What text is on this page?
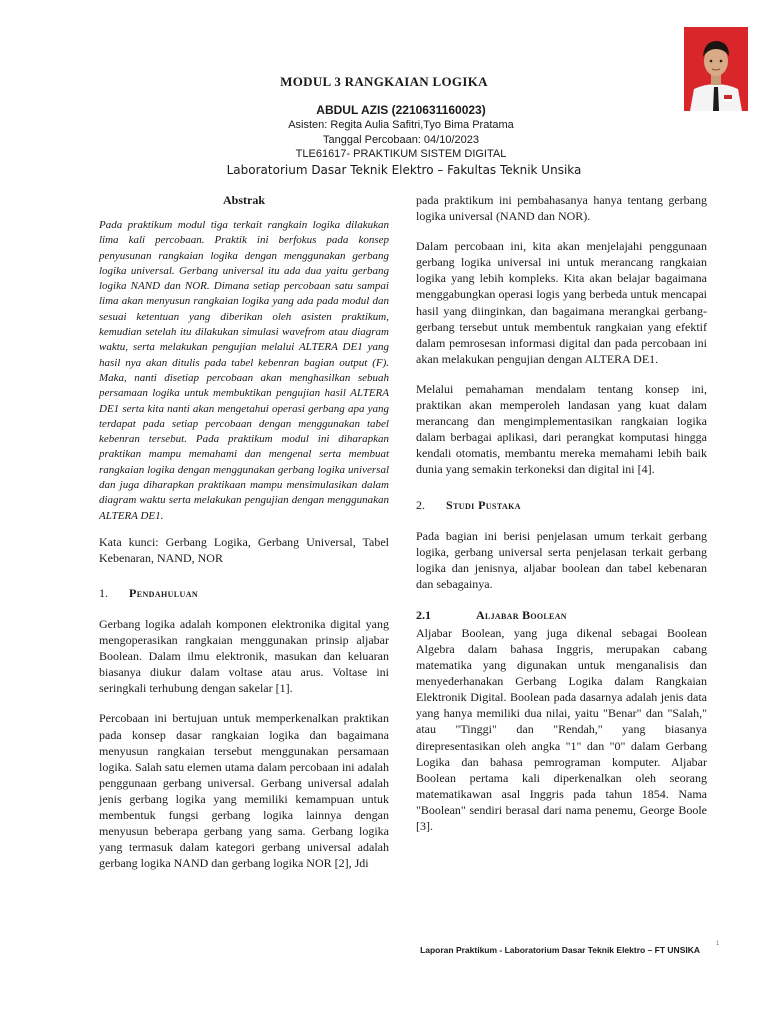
MODUL 3 RANGKAIAN LOGIKA
ABDUL AZIS (2210631160023)
Asisten: Regita Aulia Safitri,Tyo Bima Pratama
Tanggal Percobaan: 04/10/2023
TLE61617- PRAKTIKUM SISTEM DIGITAL
Laboratorium Dasar Teknik Elektro – Fakultas Teknik Unsika
Abstrak

Pada praktikum modul tiga terkait rangkain logika dilakukan lima kali percobaan. Praktik ini berfokus pada konsep penyusunan rangkaian logika dengan menggunakan gerbang logika universal. Gerbang universal itu ada dua yaitu gerbang logika NAND dan NOR. Dimana setiap percobaan satu sampai lima akan menyusun rangkaian logika yang ada pada modul dan sesuai ketentuan yang diberikan oleh asisten praktikum, kemudian setelah itu dilakukan simulasi wavefrom atau diagram waktu, serta melakukan pengujian melalui ALTERA DE1 yang hasil nya akan ditulis pada tabel kebenran bagian output (F). Maka, nanti disetiap percobaan akan menghasilkan sebuah persamaan logika untuk membuktikan pengujian hasil ALTERA DE1 serta kita nanti akan mengetahui operasi gerbang apa yang terdapat pada setiap percobaan dengan menggunakan tabel kebenran tersebut. Pada praktikum modul ini diharapkan praktikan mampu memahami dan mengenal serta membuat rangkaian logika dengan menggunakan gerbang logika universal dan juga diharapkan praktikaan mampu mensimulasikan dalam diagram waktu serta melakukan pengujian dengan menggunakan ALTERA DE1.

Kata kunci: Gerbang Logika, Gerbang Universal, Tabel Kebenaran, NAND, NOR

1.	Pendahuluan

Gerbang logika adalah komponen elektronika digital yang mengoperasikan rangkaian menggunakan prinsip aljabar Boolean. Dalam ilmu elektronik, masukan dan keluaran biasanya diukur dalam voltase atau arus. Voltase ini seringkali terhubung dengan sakelar [1].

Percobaan ini bertujuan untuk memperkenalkan praktikan pada konsep dasar rangkaian logika dan bagaimana menyusun rangkaian tersebut menggunakan persamaan logika. Salah satu elemen utama dalam percobaan ini adalah penggunaan gerbang universal. Gerbang universal adalah jenis gerbang logika yang memiliki kemampuan untuk membentuk fungsi gerbang logika lainnya dengan menyusun beberapa gerbang yang sama. Gerbang logika yang termasuk dalam kategori gerbang universal adalah gerbang logika NAND dan gerbang logika NOR [2], Jdi

pada praktikum ini pembahasanya hanya tentang gerbang logika universal (NAND dan NOR).

Dalam percobaan ini, kita akan menjelajahi penggunaan gerbang logika universal ini untuk merancang rangkaian logika yang lebih kompleks. Kita akan belajar bagaimana menggabungkan operasi logis yang berbeda untuk mencapai hasil yang diinginkan, dan bagaimana merangkai gerbang-gerbang tersebut untuk membentuk rangkaian yang efektif dalam pemrosesan informasi digital dan pada percobaan ini akan melakukan pengujian dengan ALTERA DE1.

Melalui pemahaman mendalam tentang konsep ini, praktikan akan memperoleh landasan yang kuat dalam merancang dan mengimplementasikan rangkaian logika dalam berbagai aplikasi, dari perangkat komputasi hingga kendali otomatis, membantu mereka memahami lebih baik dunia yang semakin terkoneksi dan digital ini [4].

2.	Studi Pustaka

Pada bagian ini berisi penjelasan umum terkait gerbang logika, gerbang universal serta penjelasan terkait gerbang logika dan jenisnya, aljabar boolean dan tabel kebenaran dan sebagainya.

2.1	Aljabar Boolean

Aljabar Boolean, yang juga dikenal sebagai Boolean Algebra dalam bahasa Inggris, merupakan cabang matematika yang digunakan untuk menganalisis dan menyederhanakan Gerbang Logika dalam Rangkaian Elektronik Digital. Boolean pada dasarnya adalah jenis data yang hanya memiliki dua nilai, yaitu "Benar" dan "Salah," atau "Tinggi" dan "Rendah," yang biasanya direpresentasikan oleh angka "1" dan "0" dalam Gerbang Logika dan bahasa pemrograman komputer. Aljabar Boolean pertama kali diperkenalkan oleh seorang matematikawan asal Inggris pada tahun 1854. Nama "Boolean" sendiri berasal dari nama penemu, George Boole [3].

Laporan Praktikum - Laboratorium Dasar Teknik Elektro – FT UNSIKA
1
